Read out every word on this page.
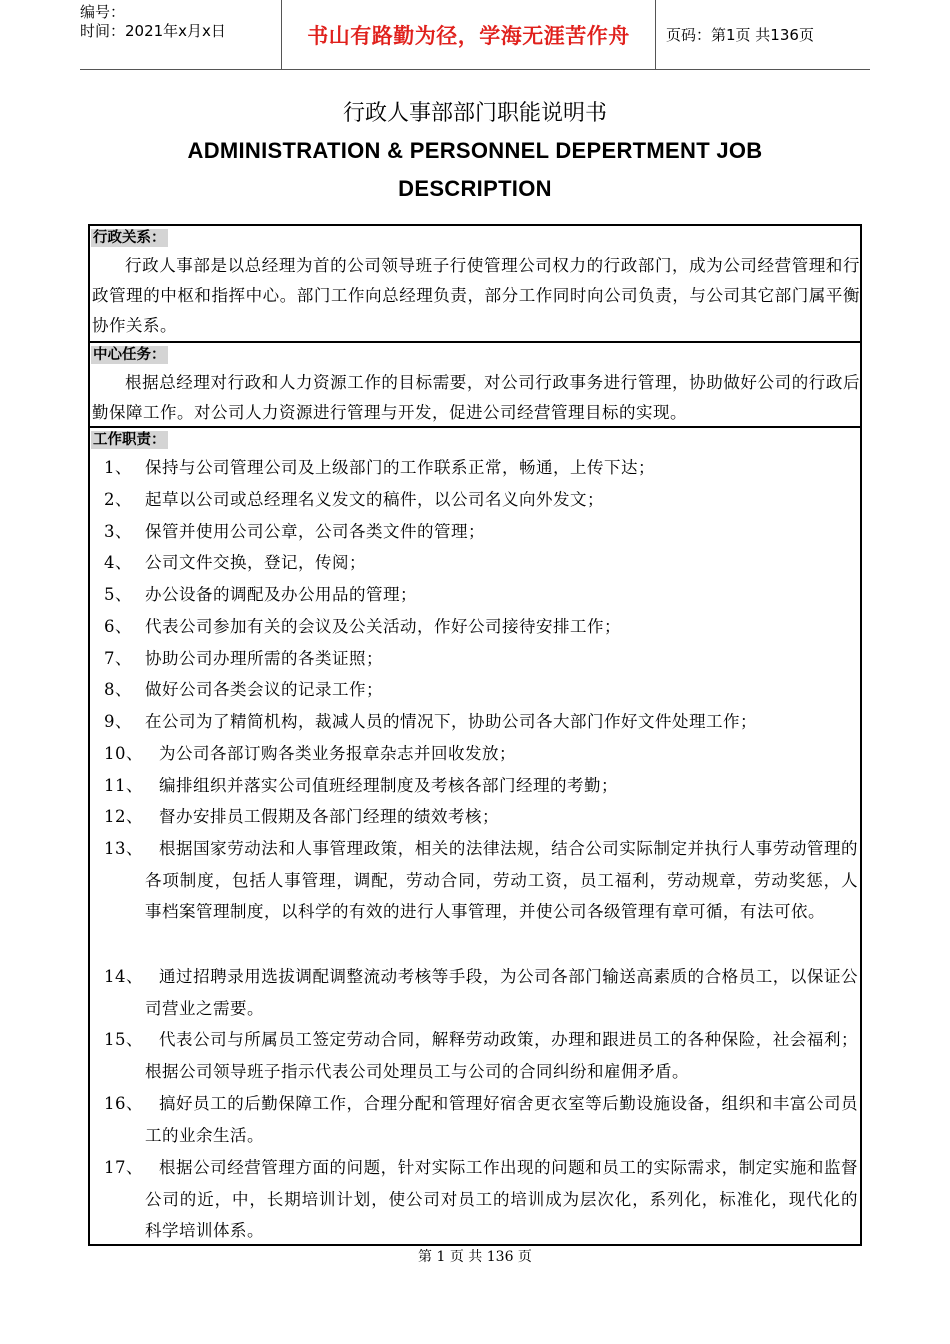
编号：
时间：2021年x月x日	书山有路勤为径，学海无涯苦作舟 页码：第1页 共136页
行政人事部部门职能说明书
ADMINISTRATION & PERSONNEL DEPERTMENT JOB DESCRIPTION
行政关系：
行政人事部是以总经理为首的公司领导班子行使管理公司权力的行政部门，成为公司经营管理和行政管理的中枢和指挥中心。部门工作向总经理负责，部分工作同时向公司负责，与公司其它部门属平衡协作关系。
中心任务：
根据总经理对行政和人力资源工作的目标需要，对公司行政事务进行管理，协助做好公司的行政后勤保障工作。对公司人力资源进行管理与开发，促进公司经营管理目标的实现。
工作职责：
1、 保持与公司管理公司及上级部门的工作联系正常，畅通，上传下达；
2、 起草以公司或总经理名义发文的稿件，以公司名义向外发文；
3、 保管并使用公司公章，公司各类文件的管理；
4、 公司文件交换，登记，传阅；
5、 办公设备的调配及办公用品的管理；
6、 代表公司参加有关的会议及公关活动，作好公司接待安排工作；
7、 协助公司办理所需的各类证照；
8、 做好公司各类会议的记录工作；
9、 在公司为了精简机构，裁减人员的情况下，协助公司各大部门作好文件处理工作；
10、 为公司各部订购各类业务报章杂志并回收发放；
11、 编排组织并落实公司值班经理制度及考核各部门经理的考勤；
12、 督办安排员工假期及各部门经理的绩效考核；
13、 根据国家劳动法和人事管理政策，相关的法律法规，结合公司实际制定并执行人事劳动管理的各项制度，包括人事管理，调配，劳动合同，劳动工资，员工福利，劳动规章，劳动奖惩，人事档案管理制度，以科学的有效的进行人事管理，并使公司各级管理有章可循，有法可依。
14、 通过招聘录用选拔调配调整流动考核等手段，为公司各部门输送高素质的合格员工，以保证公司营业之需要。
15、 代表公司与所属员工签定劳动合同，解释劳动政策，办理和跟进员工的各种保险，社会福利；根据公司领导班子指示代表公司处理员工与公司的合同纠纷和雇佣矛盾。
16、 搞好员工的后勤保障工作，合理分配和管理好宿舍更衣室等后勤设施设备，组织和丰富公司员工的业余生活。
17、 根据公司经营管理方面的问题，针对实际工作出现的问题和员工的实际需求，制定实施和监督公司的近，中，长期培训计划，使公司对员工的培训成为层次化，系列化，标准化，现代化的科学培训体系。
第 1 页 共 136 页
